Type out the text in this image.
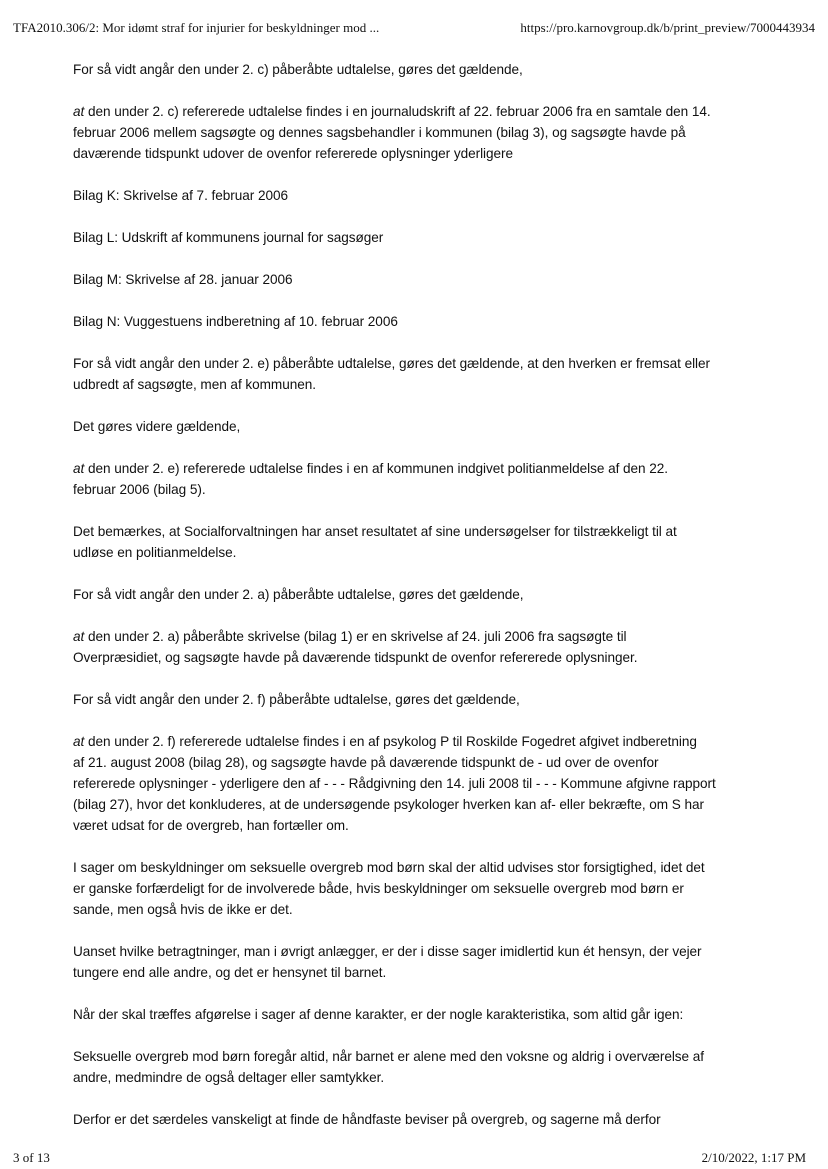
TFA2010.306/2: Mor idømt straf for injurier for beskyldninger mod ...	https://pro.karnovgroup.dk/b/print_preview/7000443934
For så vidt angår den under 2. c) påberåbte udtalelse, gøres det gældende,
at den under 2. c) refererede udtalelse findes i en journaludskrift af 22. februar 2006 fra en samtale den 14.
februar 2006 mellem sagsøgte og dennes sagsbehandler i kommunen (bilag 3), og sagsøgte havde på
daværende tidspunkt udover de ovenfor refererede oplysninger yderligere
Bilag K: Skrivelse af 7. februar 2006
Bilag L: Udskrift af kommunens journal for sagsøger
Bilag M: Skrivelse af 28. januar 2006
Bilag N: Vuggestuens indberetning af 10. februar 2006
For så vidt angår den under 2. e) påberåbte udtalelse, gøres det gældende, at den hverken er fremsat eller
udbredt af sagsøgte, men af kommunen.
Det gøres videre gældende,
at den under 2. e) refererede udtalelse findes i en af kommunen indgivet politianmeldelse af den 22.
februar 2006 (bilag 5).
Det bemærkes, at Socialforvaltningen har anset resultatet af sine undersøgelser for tilstrækkeligt til at
udløse en politianmeldelse.
For så vidt angår den under 2. a) påberåbte udtalelse, gøres det gældende,
at den under 2. a) påberåbte skrivelse (bilag 1) er en skrivelse af 24. juli 2006 fra sagsøgte til
Overpræsidiet, og sagsøgte havde på daværende tidspunkt de ovenfor refererede oplysninger.
For så vidt angår den under 2. f) påberåbte udtalelse, gøres det gældende,
at den under 2. f) refererede udtalelse findes i en af psykolog P til Roskilde Fogedret afgivet indberetning
af 21. august 2008 (bilag 28), og sagsøgte havde på daværende tidspunkt de - ud over de ovenfor
refererede oplysninger - yderligere den af - - - Rådgivning den 14. juli 2008 til - - - Kommune afgivne rapport
(bilag 27), hvor det konkluderes, at de undersøgende psykologer hverken kan af- eller bekræfte, om S har
været udsat for de overgreb, han fortæller om.
I sager om beskyldninger om seksuelle overgreb mod børn skal der altid udvises stor forsigtighed, idet det
er ganske forfærdeligt for de involverede både, hvis beskyldninger om seksuelle overgreb mod børn er
sande, men også hvis de ikke er det.
Uanset hvilke betragtninger, man i øvrigt anlægger, er der i disse sager imidlertid kun ét hensyn, der vejer
tungere end alle andre, og det er hensynet til barnet.
Når der skal træffes afgørelse i sager af denne karakter, er der nogle karakteristika, som altid går igen:
Seksuelle overgreb mod børn foregår altid, når barnet er alene med den voksne og aldrig i overværelse af
andre, medmindre de også deltager eller samtykker.
Derfor er det særdeles vanskeligt at finde de håndfaste beviser på overgreb, og sagerne må derfor
3 of 13	2/10/2022, 1:17 PM
